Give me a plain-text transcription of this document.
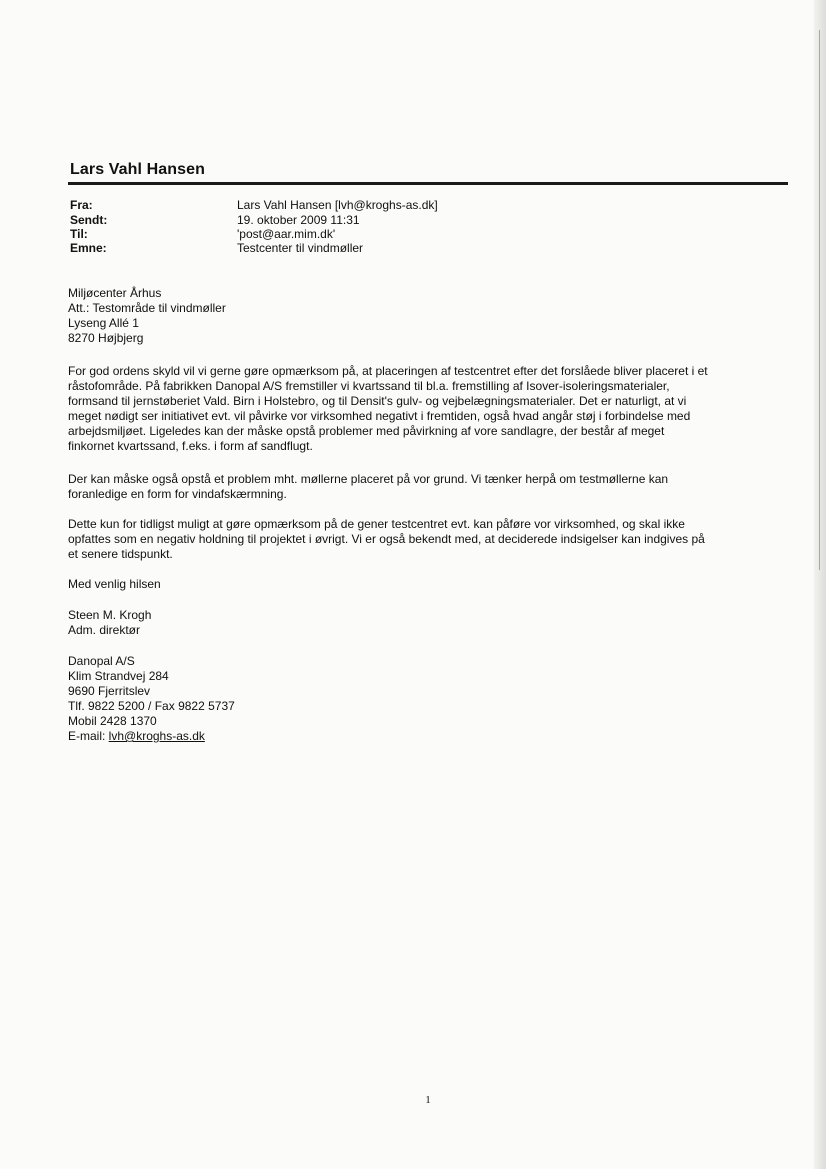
Lars Vahl Hansen
Fra:	Lars Vahl Hansen [lvh@kroghs-as.dk]
Sendt:	19. oktober 2009 11:31
Til:	'post@aar.mim.dk'
Emne:	Testcenter til vindmøller
Miljøcenter Århus
Att.: Testområde til vindmøller
Lyseng Allé 1
8270 Højbjerg
For god ordens skyld vil vi gerne gøre opmærksom på, at placeringen af testcentret efter det forslåede bliver placeret i et
råstofområde. På fabrikken Danopal A/S fremstiller vi kvartssand til bl.a. fremstilling af Isover-isoleringsmaterialer,
formsand til jernstøberiet Vald. Birn i Holstebro, og til Densit's gulv- og vejbelægningsmaterialer. Det er naturligt, at vi
meget nødigt ser initiativet evt. vil påvirke vor virksomhed negativt i fremtiden, også hvad angår støj i forbindelse med
arbejdsmiljøet. Ligeledes kan der måske opstå problemer med påvirkning af vore sandlagre, der består af meget
finkornet kvartssand, f.eks. i form af sandflugt.
Der kan måske også opstå et problem mht. møllerne placeret på vor grund. Vi tænker herpå om testmøllerne kan
foranledige en form for vindafskærmning.
Dette kun for tidligst muligt at gøre opmærksom på de gener testcentret evt. kan påføre vor virksomhed, og skal ikke
opfattes som en negativ holdning til projektet i øvrigt. Vi er også bekendt med, at deciderede indsigelser kan indgives på
et senere tidspunkt.
Med venlig hilsen
Steen M. Krogh
Adm. direktør
Danopal A/S
Klim Strandvej 284
9690 Fjerritslev
Tlf. 9822 5200 / Fax 9822 5737
Mobil 2428 1370
E-mail: lvh@kroghs-as.dk
1
